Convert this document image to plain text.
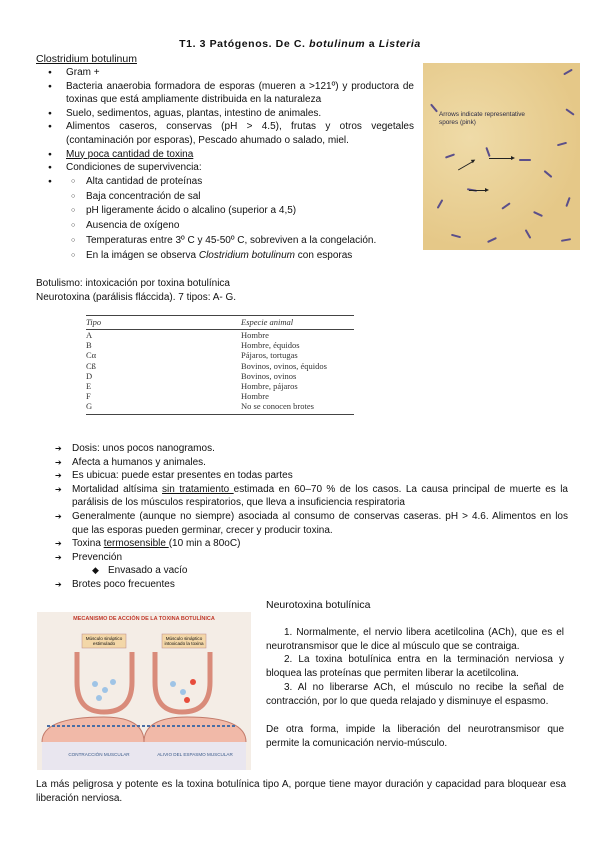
T1. 3 Patógenos. De C. botulinum a Listeria
Clostridium botulinum
● Gram +
● Bacteria anaerobia formadora de esporas (mueren a >121º) y productora de toxinas que está ampliamente distribuida en la naturaleza
● Suelo, sedimentos, aguas, plantas, intestino de animales.
● Alimentos caseros, conservas (pH > 4.5), frutas y otros vegetales (contaminación por esporas), Pescado ahumado o salado, miel.
● Muy poca cantidad de toxina
● Condiciones de supervivencia:
○ ● Alta cantidad de proteínas
○ Baja concentración de sal
○ pH ligeramente ácido o alcalino (superior a 4,5)
○ Ausencia de oxígeno
○ Temperaturas entre 3º C y 45-50º C, sobreviven a la congelación.
○ En la imágen se observa Clostridium botulinum con esporas
Arrows indicate representative spores (pink)
Botulismo: intoxicación por toxina botulínica
Neurotoxina (parálisis fláccida). 7 tipos: A- G.
Tipo	Especie animal
A	Hombre
B	Hombre, équidos
Cα	Pájaros, tortugas
Cß	Bovinos, ovinos, équidos
D	Bovinos, ovinos
E	Hombre, pájaros
F	Hombre
G	No se conocen brotes
➔ Dosis: unos pocos nanogramos.
➔ Afecta a humanos y animales.
➔ Es ubicua: puede estar presentes en todas partes
➔ Mortalidad altísima sin tratamiento estimada en 60–70 % de los casos. La causa principal de muerte es la parálisis de los músculos respiratorios, que lleva a insuficiencia respiratoria
➔ Generalmente (aunque no siempre) asociada al consumo de conservas caseras. pH > 4.6. Alimentos en los que las esporas pueden germinar, crecer y producir toxina.
➔ Toxina termosensible (10 min a 80oC)
➔ Prevención
◆ Envasado a vacío
➔ Brotes poco frecuentes
MECANISMO DE ACCIÓN DE LA TOXINA BOTULÍNICA
Músculo sináptico estimulado
Músculo sináptico intoxicado la toxina
CONTRACCIÓN MUSCULAR	ALIVIO DEL ESPASMO MUSCULAR
Neurotoxina botulínica
1. Normalmente, el nervio libera acetilcolina (ACh), que es el neurotransmisor que le dice al músculo que se contraiga.
2. La toxina botulínica entra en la terminación nerviosa y bloquea las proteínas que permiten liberar la acetilcolina.
3. Al no liberarse ACh, el músculo no recibe la señal de contracción, por lo que queda relajado y disminuye el espasmo.
De otra forma, impide la liberación del neurotransmisor que permite la comunicación nervio-músculo.
La más peligrosa y potente es la toxina botulínica tipo A, porque tiene mayor duración y capacidad para bloquear esa liberación nerviosa.
